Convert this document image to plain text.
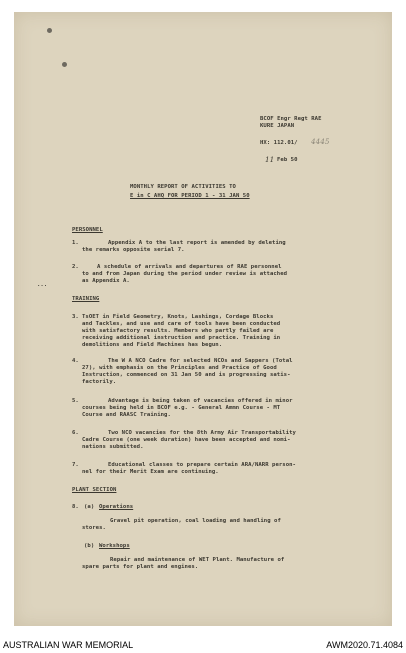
BCOF Engr Regt RAE
KURE JAPAN
HX: 112.01/ 4445
11 Feb 50
MONTHLY REPORT OF ACTIVITIES TO
E in C AHQ FOR PERIOD 1 - 31 JAN 50
PERSONNEL
1.	Appendix A to the last report is amended by deleting
the remarks opposite serial 7.
2.	A schedule of arrivals and departures of RAE personnel
to and from Japan during the period under review is attached
as Appendix A.
...
TRAINING
3. TsOET in Field Geometry, Knots, Lashings, Cordage Blocks
and Tackles, and use and care of tools have been conducted
with satisfactory results. Members who partly failed are
receiving additional instruction and practice. Training in
demolitions and Field Machines has begun.
4.	The W A NCO Cadre for selected NCOs and Sappers (Total
27), with emphasis on the Principles and Practice of Good
Instruction, commenced on 31 Jan 50 and is progressing satis-
factorily.
5.	Advantage is being taken of vacancies offered in minor
courses being held in BCOF e.g. - General Ammn Course - MT
Course and RAASC Training.
6.	Two NCO vacancies for the 8th Army Air Transportability
Cadre Course (one week duration) have been accepted and nomi-
nations submitted.
7.	Educational classes to prepare certain ARA/NARR person-
nel for their Merit Exam are continuing.
PLANT SECTION
8. (a) Operations
Gravel pit operation, coal loading and handling of
stores.
(b) Workshops
Repair and maintenance of WET Plant. Manufacture of
spare parts for plant and engines.
AUSTRALIAN WAR MEMORIAL	AWM2020.71.4084
